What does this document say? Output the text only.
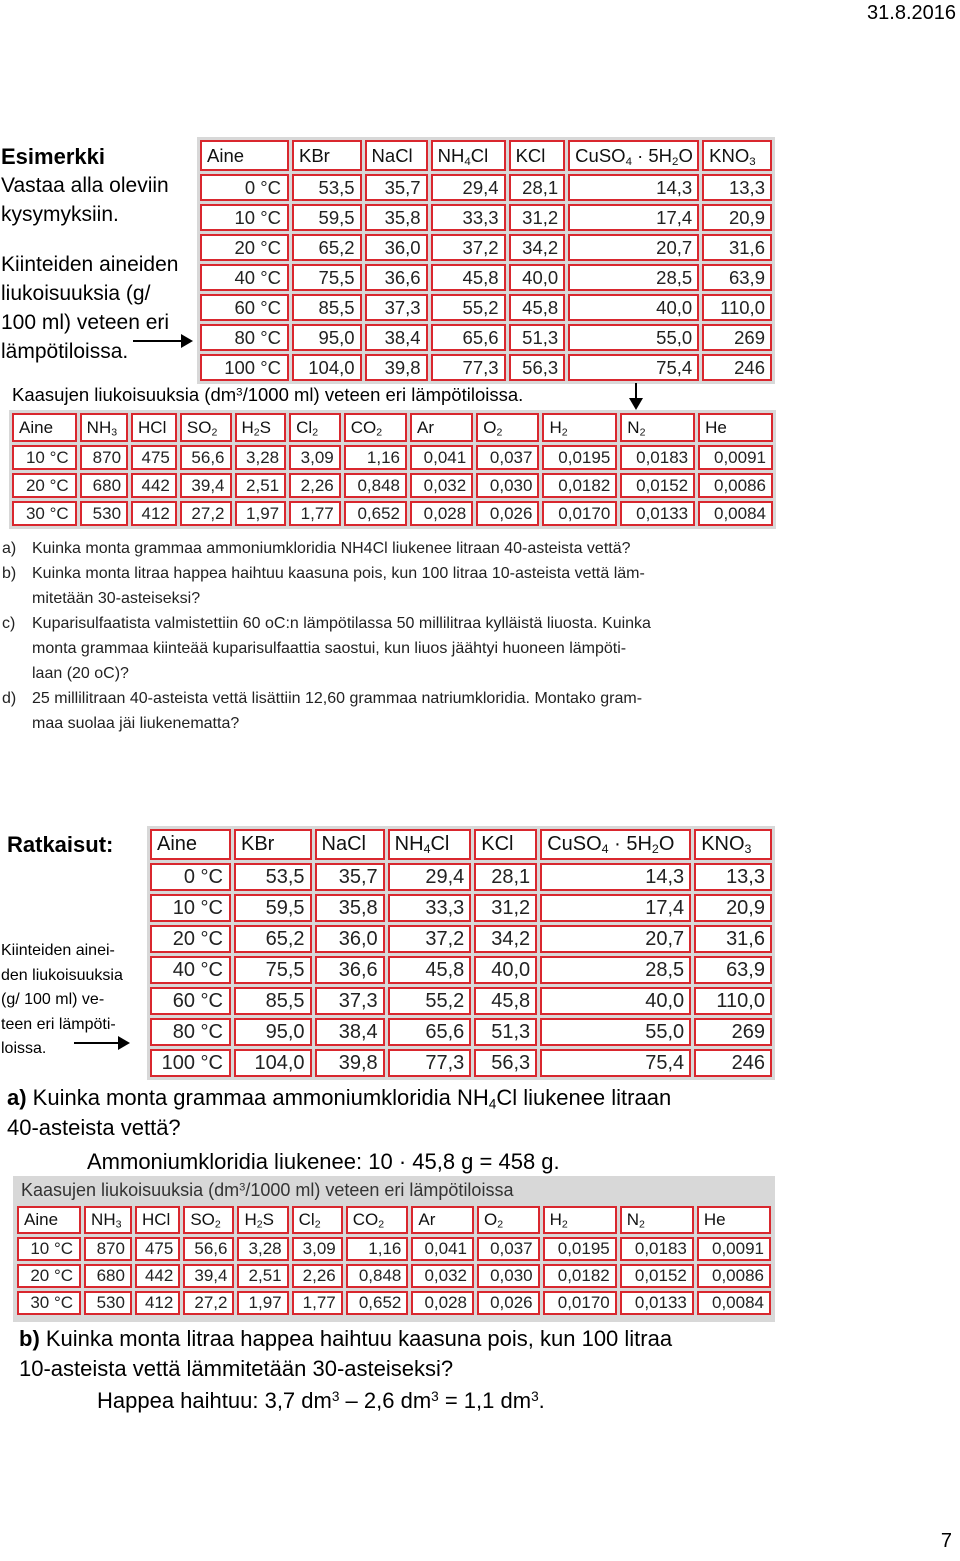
31.8.2016
7
Esimerkki
Vastaa alla oleviin
kysymyksiin.
Kiinteiden aineiden
liukoisuuksia (g/
100 ml) veteen eri
lämpötiloissa.
Aine	KBr	NaCl	$NH_4Cl$	KCl	CuSO$_4$ · $5H_2O$	$KNO_3$
0 °C	53,5	35,7	29,4	28,1	14,3	13,3
10 °C	59,5	35,8	33,3	31,2	17,4	20,9
20 °C	65,2	36,0	37,2	34,2	20,7	31,6
40 °C	75,5	36,6	45,8	40,0	28,5	63,9
60 °C	85,5	37,3	55,2	45,8	40,0	110,0
80 °C	95,0	38,4	65,6	51,3	55,0	269
100 °C	104,0	39,8	77,3	56,3	75,4	246
Kaasujen liukoisuuksia ($dm^3/1000$ ml) veteen eri lämpötiloissa.
Aine	$NH_3$	HCl	$SO_2$	$H_2S$	$Cl_2$	$CO_2$	Ar	$O_2$	$H_2$	$N_2$	He
10 °C	870	475	56,6	3,28	3,09	1,16	0,041	0,037	0,0195	0,0183	0,0091
20 °C	680	442	39,4	2,51	2,26	0,848	0,032	0,030	0,0182	0,0152	0,0086
30 °C	530	412	27,2	1,97	1,77	0,652	0,028	0,026	0,0170	0,0133	0,0084
a) Kuinka monta grammaa ammoniumkloridia NH4Cl liukenee litraan 40-asteista vettä?
b) Kuinka monta litraa happea haihtuu kaasuna pois, kun 100 litraa 10-asteista vettä läm-
mitetään 30-asteiseksi?
c) Kuparisulfaatista valmistettiin 60 oC:n lämpötilassa 50 millilitraa kylläistä liuosta. Kuinka
monta grammaa kiinteää kuparisulfaattia saostui, kun liuos jäähtyi huoneen lämpöti-
laan (20 oC)?
d) 25 millilitraan 40-asteista vettä lisättiin 12,60 grammaa natriumkloridia. Montako gram-
maa suolaa jäi liukenematta?
Ratkaisut:
Kiinteiden ainei-
den liukoisuuksia
(g/ 100 ml) ve-
teen eri lämpöti-
loissa.
Aine	KBr	NaCl	$NH_4Cl$	KCl	CuSO$_4$ · $5H_2O$	$KNO_3$
0 °C	53,5	35,7	29,4	28,1	14,3	13,3
10 °C	59,5	35,8	33,3	31,2	17,4	20,9
20 °C	65,2	36,0	37,2	34,2	20,7	31,6
40 °C	75,5	36,6	45,8	40,0	28,5	63,9
60 °C	85,5	37,3	55,2	45,8	40,0	110,0
80 °C	95,0	38,4	65,6	51,3	55,0	269
100 °C	104,0	39,8	77,3	56,3	75,4	246
a) Kuinka monta grammaa ammoniumkloridia $NH_4Cl$ liukenee litraan
40-asteista vettä?
Ammoniumkloridia liukenee: 10 · 45,8 g = 458 g.
Kaasujen liukoisuuksia ($dm^3/1000$ ml) veteen eri lämpötiloissa
Aine	$NH_3$	HCl	$SO_2$	$H_2S$	$Cl_2$	$CO_2$	Ar	$O_2$	$H_2$	$N_2$	He
10 °C	870	475	56,6	3,28	3,09	1,16	0,041	0,037	0,0195	0,0183	0,0091
20 °C	680	442	39,4	2,51	2,26	0,848	0,032	0,030	0,0182	0,0152	0,0086
30 °C	530	412	27,2	1,97	1,77	0,652	0,028	0,026	0,0170	0,0133	0,0084
b) Kuinka monta litraa happea haihtuu kaasuna pois, kun 100 litraa
10-asteista vettä lämmitetään 30-asteiseksi?
Happea haihtuu: 3,7 $dm^3 - 2,6$ $dm^3 = 1,1$ $dm^3$.
